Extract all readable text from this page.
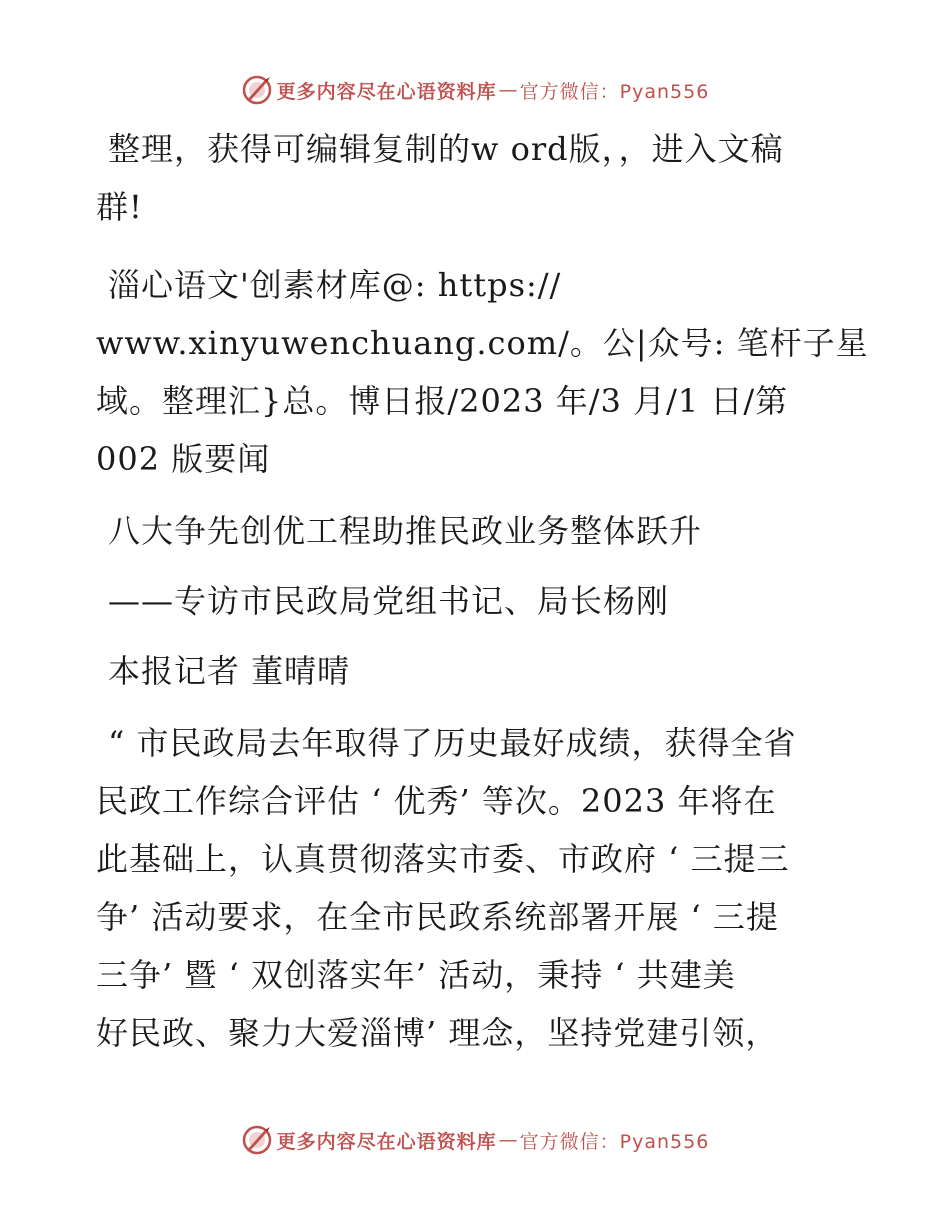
更多内容尽在心语资料库 — 官方微信：Pyan556
整理，获得可编辑复制的w ord版，，进入文稿
群!
淄心语文'创素材库@: https://
www.xinyuwenchuang.com/。公|众号: 笔杆子星
域。整理汇}总。博日报/2023 年/3 月/1 日/第
002 版要闻
八大争先创优工程助推民政业务整体跃升
——专访市民政局党组书记、局长杨刚
本报记者 董晴晴
“ 市民政局去年取得了历史最好成绩，获得全省
民政工作综合评估 ‘ 优秀’ 等次。2023 年将在
此基础上，认真贯彻落实市委、市政府 ‘ 三提三
争’ 活动要求，在全市民政系统部署开展 ‘ 三提
三争’ 暨 ‘ 双创落实年’ 活动，秉持 ‘ 共建美
好民政、聚力大爱淄博’ 理念，坚持党建引领，
更多内容尽在心语资料库 — 官方微信：Pyan556
